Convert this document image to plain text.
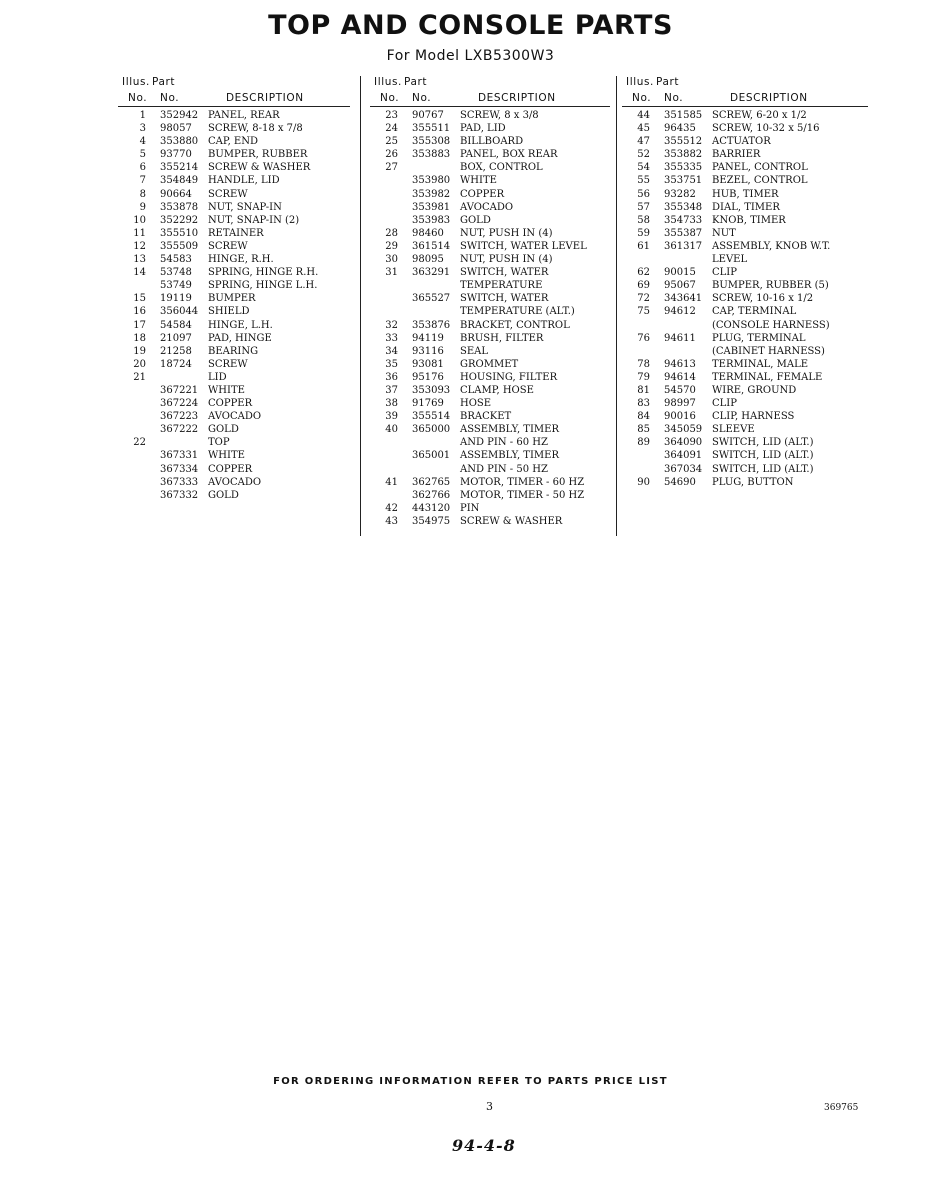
TOP AND CONSOLE PARTS
For Model LXB5300W3
Illus. Part
No. No.	DESCRIPTION
1 352942 PANEL, REAR
3 98057 SCREW, 8-18 x 7/8
4 353880 CAP, END
5 93770 BUMPER, RUBBER
6 355214 SCREW & WASHER
7 354849 HANDLE, LID
8 90664 SCREW
9 353878 NUT, SNAP-IN
10 352292 NUT, SNAP-IN (2)
11 355510 RETAINER
12 355509 SCREW
13 54583 HINGE, R.H.
14 53748 SPRING, HINGE R.H.
53749 SPRING, HINGE L.H.
15 19119 BUMPER
16 356044 SHIELD
17 54584 HINGE, L.H.
18 21097 PAD, HINGE
19 21258 BEARING
20 18724 SCREW
21	LID
367221 WHITE
367224 COPPER
367223 AVOCADO
367222 GOLD
22	TOP
367331 WHITE
367334 COPPER
367333 AVOCADO
367332 GOLD
Illus. Part
No. No.	DESCRIPTION
23 90767 SCREW, 8 x 3/8
24 355511 PAD, LID
25 355308 BILLBOARD
26 353883 PANEL, BOX REAR
27	BOX, CONTROL
353980 WHITE
353982 COPPER
353981 AVOCADO
353983 GOLD
28 98460 NUT, PUSH IN (4)
29 361514 SWITCH, WATER LEVEL
30 98095 NUT, PUSH IN (4)
31 363291 SWITCH, WATER
TEMPERATURE
365527 SWITCH, WATER
TEMPERATURE (ALT.)
32 353876 BRACKET, CONTROL
33 94119 BRUSH, FILTER
34 93116 SEAL
35 93081 GROMMET
36 95176 HOUSING, FILTER
37 353093 CLAMP, HOSE
38 91769 HOSE
39 355514 BRACKET
40 365000 ASSEMBLY, TIMER
AND PIN - 60 HZ
365001 ASSEMBLY, TIMER
AND PIN - 50 HZ
41 362765 MOTOR, TIMER - 60 HZ
362766 MOTOR, TIMER - 50 HZ
42 443120 PIN
43 354975 SCREW & WASHER
Illus. Part
No. No.	DESCRIPTION
44 351585 SCREW, 6-20 x 1/2
45 96435 SCREW, 10-32 x 5/16
47 355512 ACTUATOR
52 353882 BARRIER
54 355335 PANEL, CONTROL
55 353751 BEZEL, CONTROL
56 93282 HUB, TIMER
57 355348 DIAL, TIMER
58 354733 KNOB, TIMER
59 355387 NUT
61 361317 ASSEMBLY, KNOB W.T.
LEVEL
62 90015 CLIP
69 95067 BUMPER, RUBBER (5)
72 343641 SCREW, 10-16 x 1/2
75 94612 CAP, TERMINAL
(CONSOLE HARNESS)
76 94611 PLUG, TERMINAL
(CABINET HARNESS)
78 94613 TERMINAL, MALE
79 94614 TERMINAL, FEMALE
81 54570 WIRE, GROUND
83 98997 CLIP
84 90016 CLIP, HARNESS
85 345059 SLEEVE
89 364090 SWITCH, LID (ALT.)
364091 SWITCH, LID (ALT.)
367034 SWITCH, LID (ALT.)
90 54690 PLUG, BUTTON
FOR ORDERING INFORMATION REFER TO PARTS PRICE LIST
3	369765
94-4-8
